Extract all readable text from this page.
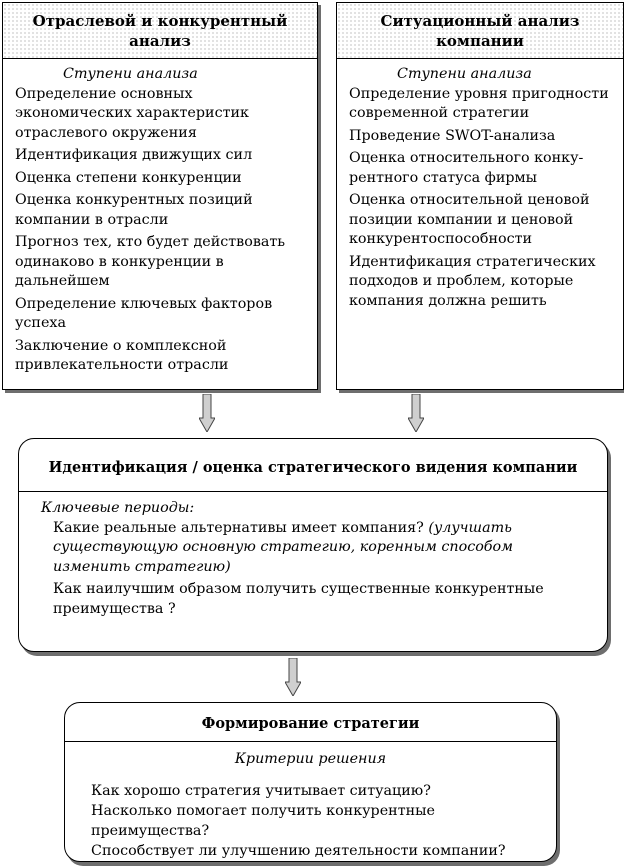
Отраслевой и конкурентный анализ
Ступени анализа
Определение основных экономических характеристик отраслевого окружения
Идентификация движущих сил
Оценка степени конкуренции
Оценка конкурентных позиций компании в отрасли
Прогноз тех, кто будет действовать одинаково в конкуренции в дальнейшем
Определение ключевых факторов успеха
Заключение о комплексной привлекательности отрасли
Ситуационный анализ компании
Ступени анализа
Определение уровня пригодности современной стратегии
Проведение SWOT-анализа
Оценка относительного конку-рентного статуса фирмы
Оценка относительной ценовой позиции компании и ценовой конкурентоспособности
Идентификация стратегических подходов и проблем, которые компания должна решить
Идентификация / оценка стратегического видения компании
Ключевые периоды:
Какие реальные альтернативы имеет компания? (улучшать существующую основную стратегию, коренным способом изменить стратегию)
Как наилучшим образом получить существенные конкурентные преимущества ?
Формирование стратегии
Критерии решения
Как хорошо стратегия учитывает ситуацию?
Насколько помогает получить конкурентные преимущества?
Способствует ли улучшению деятельности компании?
